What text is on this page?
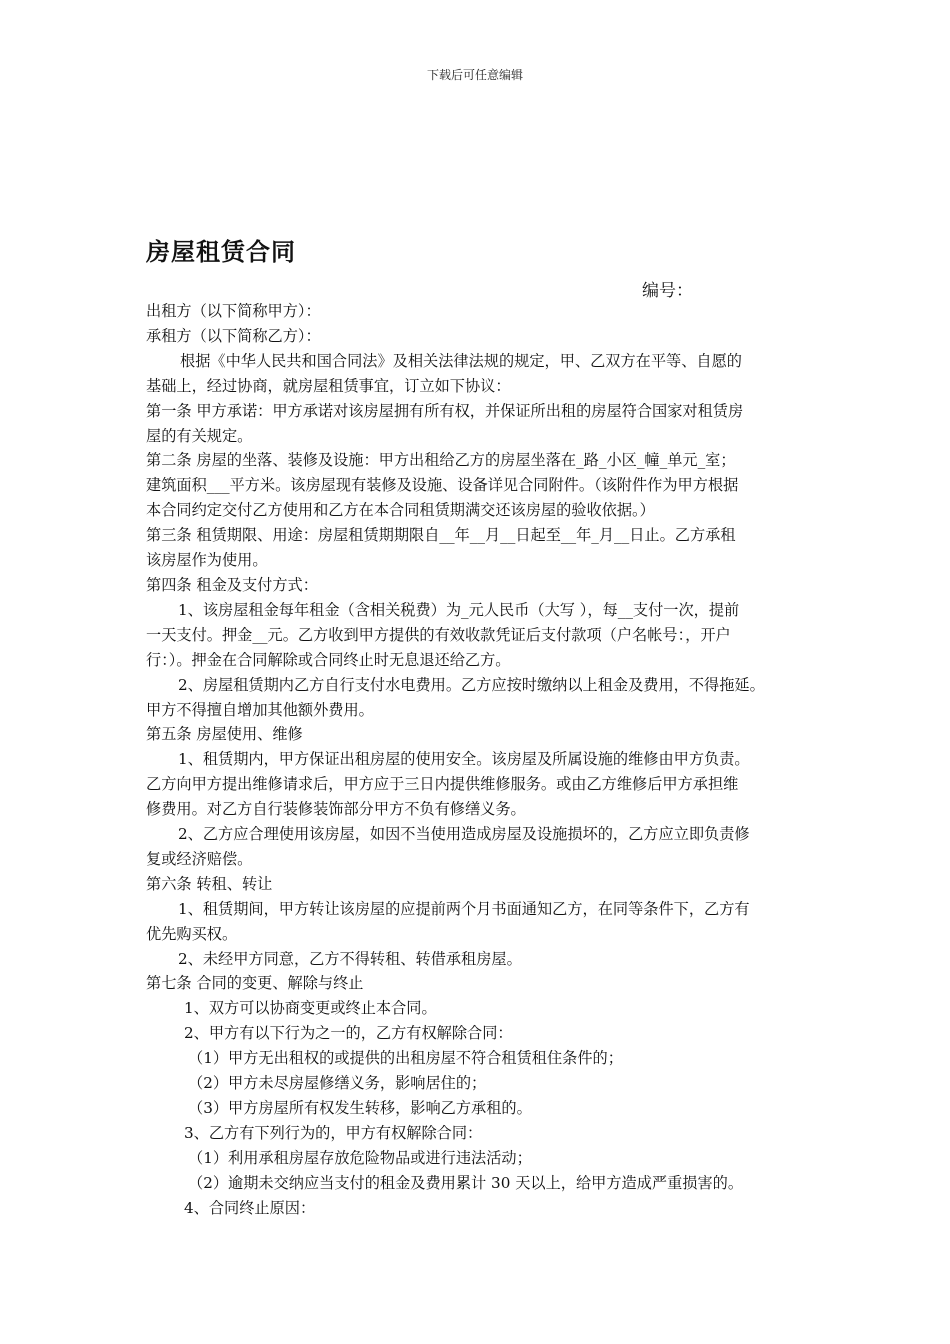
下载后可任意编辑
房屋租赁合同
编号：

出租方（以下简称甲方）：

承租方（以下简称乙方）：

根据《中华人民共和国合同法》及相关法律法规的规定，甲、乙双方在平等、自愿的

基础上，经过协商，就房屋租赁事宜，订立如下协议：

第一条 甲方承诺：甲方承诺对该房屋拥有所有权，并保证所出租的房屋符合国家对租赁房

屋的有关规定。

第二条 房屋的坐落、装修及设施：甲方出租给乙方的房屋坐落在_路_小区_幢_单元_室；

建筑面积___平方米。该房屋现有装修及设施、设备详见合同附件。（该附件作为甲方根据

本合同约定交付乙方使用和乙方在本合同租赁期满交还该房屋的验收依据。）

第三条 租赁期限、用途：房屋租赁期期限自__年__月__日起至__年_月__日止。乙方承租

该房屋作为使用。

第四条 租金及支付方式：

1、该房屋租金每年租金（含相关税费）为_元人民币（大写 ），每__支付一次，提前

一天支付。押金__元。乙方收到甲方提供的有效收款凭证后支付款项（户名帐号：，开户

行：）。押金在合同解除或合同终止时无息退还给乙方。

2、房屋租赁期内乙方自行支付水电费用。乙方应按时缴纳以上租金及费用，不得拖延。

甲方不得擅自增加其他额外费用。

第五条 房屋使用、维修

1、租赁期内，甲方保证出租房屋的使用安全。该房屋及所属设施的维修由甲方负责。

乙方向甲方提出维修请求后，甲方应于三日内提供维修服务。或由乙方维修后甲方承担维

修费用。对乙方自行装修装饰部分甲方不负有修缮义务。

2、乙方应合理使用该房屋，如因不当使用造成房屋及设施损坏的，乙方应立即负责修

复或经济赔偿。

第六条 转租、转让

1、租赁期间，甲方转让该房屋的应提前两个月书面通知乙方，在同等条件下，乙方有

优先购买权。

2、未经甲方同意，乙方不得转租、转借承租房屋。

第七条 合同的变更、解除与终止

1、双方可以协商变更或终止本合同。

2、甲方有以下行为之一的，乙方有权解除合同：

（1）甲方无出租权的或提供的出租房屋不符合租赁租住条件的；

（2）甲方未尽房屋修缮义务，影响居住的；

（3）甲方房屋所有权发生转移，影响乙方承租的。

3、乙方有下列行为的，甲方有权解除合同：

（1）利用承租房屋存放危险物品或进行违法活动；

（2）逾期未交纳应当支付的租金及费用累计 30 天以上，给甲方造成严重损害的。

4、合同终止原因：
